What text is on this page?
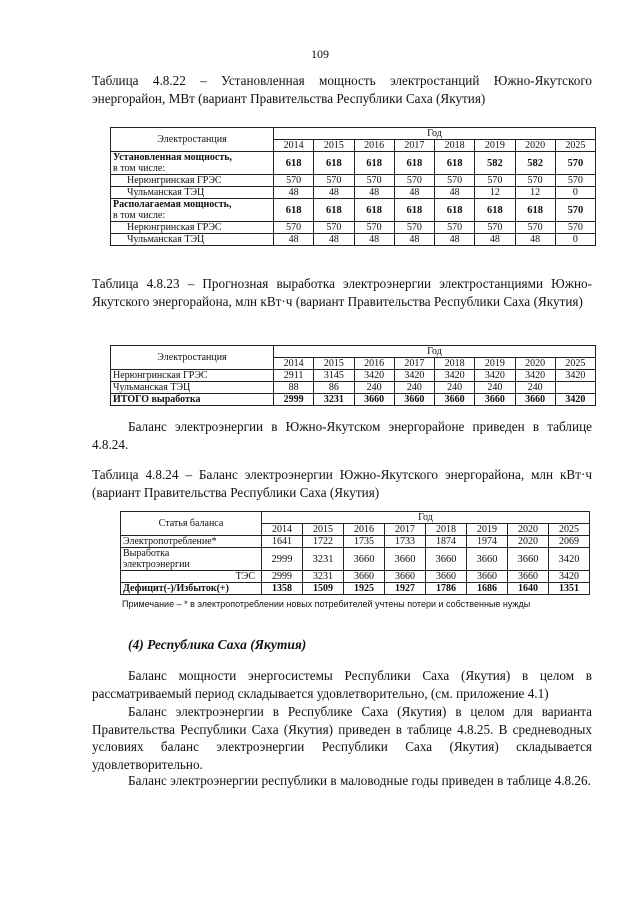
109
Таблица 4.8.22 – Установленная мощность электростанций Южно-Якутского энергорайон, МВт (вариант Правительства Республики Саха (Якутия)
Электростанция	Год							
	2014	2015	2016	2017	2018	2019	2020	2025
Установленная мощность,
в том числе:	618	618	618	618	618	582	582	570
Нерюнгринская ГРЭС	570	570	570	570	570	570	570	570
Чульманская ТЭЦ	48	48	48	48	48	12	12	0
Располагаемая мощность,
в том числе:	618	618	618	618	618	618	618	570
Нерюнгринская ГРЭС	570	570	570	570	570	570	570	570
Чульманская ТЭЦ	48	48	48	48	48	48	48	0
Таблица 4.8.23 – Прогнозная выработка электроэнергии электростанциями Южно-Якутского энергорайона, млн кВт·ч (вариант Правительства Республики Саха (Якутия)
Электростанция	Год							
	2014	2015	2016	2017	2018	2019	2020	2025
Нерюнгринская ГРЭС	2911	3145	3420	3420	3420	3420	3420	3420
Чульманская ТЭЦ	88	86	240	240	240	240	240	
ИТОГО выработка	2999	3231	3660	3660	3660	3660	3660	3420
Баланс электроэнергии в Южно-Якутском энергорайоне приведен в таблице 4.8.24.
Таблица 4.8.24 – Баланс электроэнергии Южно-Якутского энергорайона, млн кВт·ч (вариант Правительства Республики Саха (Якутия)
Статья баланса	Год							
	2014	2015	2016	2017	2018	2019	2020	2025
Электропотребление*	1641	1722	1735	1733	1874	1974	2020	2069
Выработка
электроэнергии	2999	3231	3660	3660	3660	3660	3660	3420
ТЭС	2999	3231	3660	3660	3660	3660	3660	3420
Дефицит(-)/Избыток(+)	1358	1509	1925	1927	1786	1686	1640	1351
Примечание – * в электропотреблении новых потребителей учтены потери и собственные нужды
(4) Республика Саха (Якутия)
Баланс мощности энергосистемы Республики Саха (Якутия) в целом в рассматриваемый период складывается удовлетворительно, (см. приложение 4.1)
Баланс электроэнергии в Республике Саха (Якутия) в целом для варианта Правительства Республики Саха (Якутия) приведен в таблице 4.8.25. В средневодных условиях баланс электроэнергии Республики Саха (Якутия) складывается удовлетворительно.
Баланс электроэнергии республики в маловодные годы приведен в таблице 4.8.26.
